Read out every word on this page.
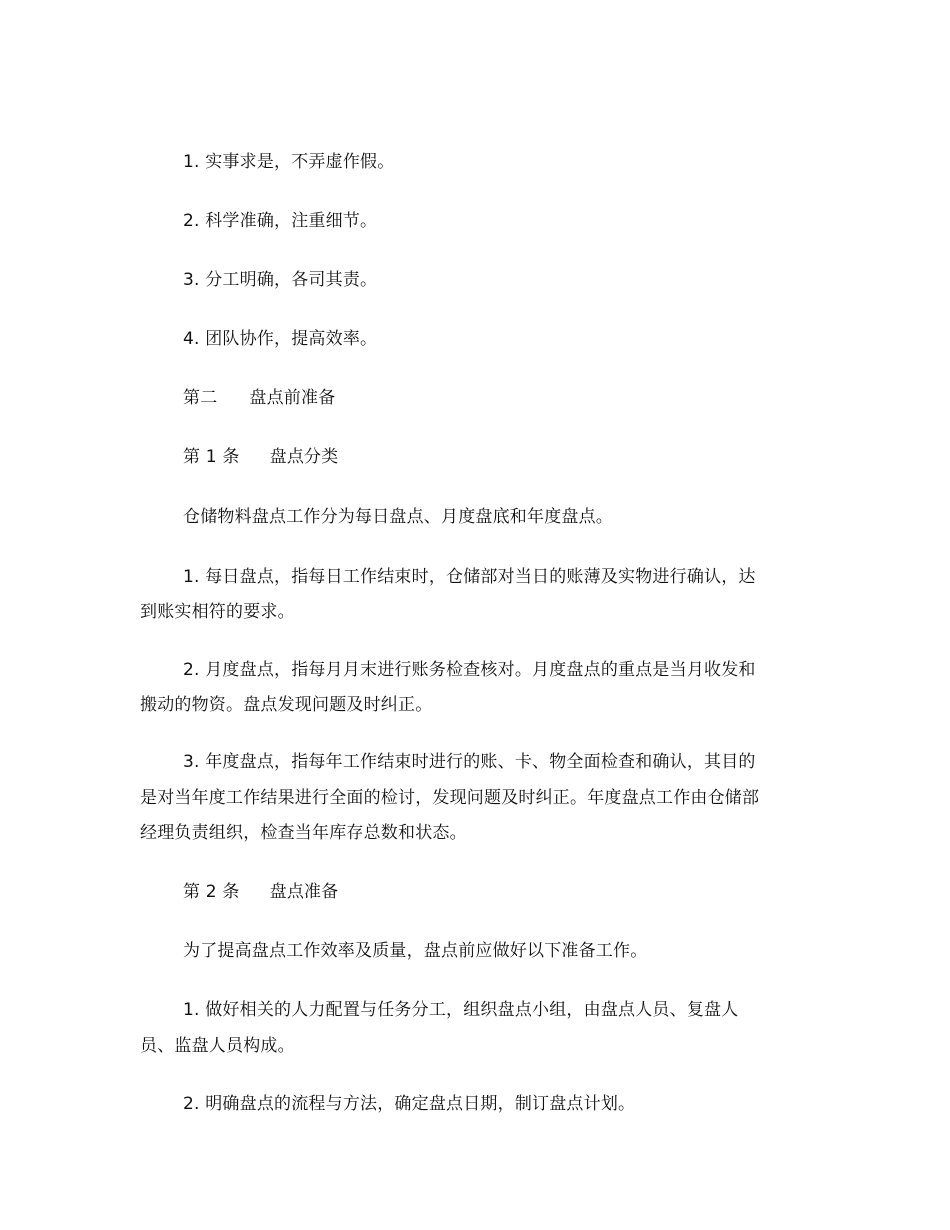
1. 实事求是，不弄虚作假。
2. 科学准确，注重细节。
3. 分工明确，各司其责。
4. 团队协作，提高效率。
第二 盘点前准备
第 1 条 盘点分类
仓储物料盘点工作分为每日盘点、月度盘底和年度盘点。
1. 每日盘点，指每日工作结束时，仓储部对当日的账薄及实物进行确认，达
到账实相符的要求。
2. 月度盘点，指每月月末进行账务检查核对。月度盘点的重点是当月收发和
搬动的物资。盘点发现问题及时纠正。
3. 年度盘点，指每年工作结束时进行的账、卡、物全面检查和确认，其目的
是对当年度工作结果进行全面的检讨，发现问题及时纠正。年度盘点工作由仓储部
经理负责组织，检查当年库存总数和状态。
第 2 条 盘点准备
为了提高盘点工作效率及质量，盘点前应做好以下准备工作。
1. 做好相关的人力配置与任务分工，组织盘点小组，由盘点人员、复盘人
员、监盘人员构成。
2. 明确盘点的流程与方法，确定盘点日期，制订盘点计划。
